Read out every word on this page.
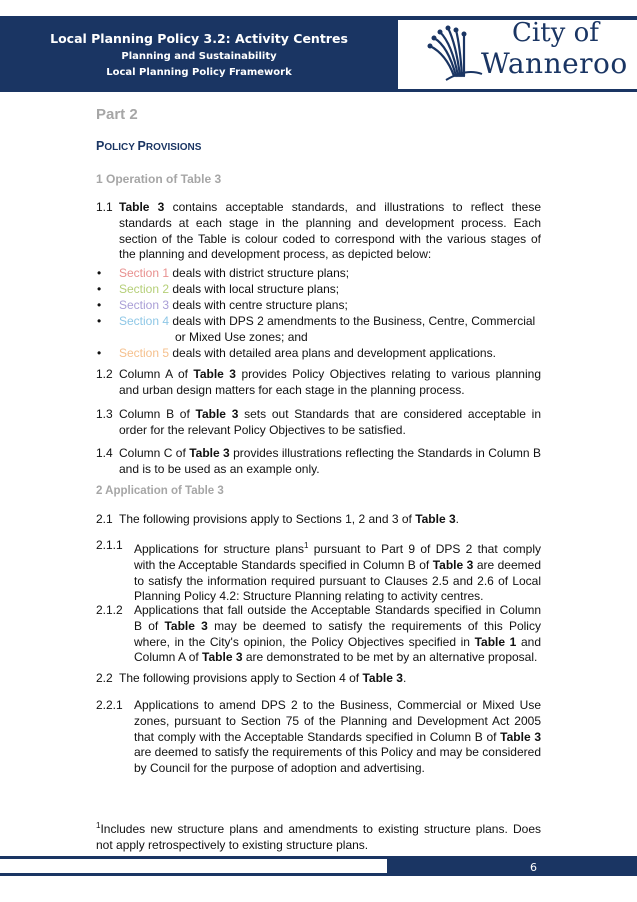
Local Planning Policy 3.2: Activity Centres
Planning and Sustainability
Local Planning Policy Framework
City of
Wanneroo
Part 2
POLICY PROVISIONS
1 Operation of Table 3
1.1 Table 3 contains acceptable standards, and illustrations to reflect these standards at each stage in the planning and development process. Each section of the Table is colour coded to correspond with the various stages of the planning and development process, as depicted below:
• Section 1 deals with district structure plans;
• Section 2 deals with local structure plans;
• Section 3 deals with centre structure plans;
• Section 4 deals with DPS 2 amendments to the Business, Centre, Commercial
or Mixed Use zones; and
• Section 5 deals with detailed area plans and development applications.
1.2 Column A of Table 3 provides Policy Objectives relating to various planning and urban design matters for each stage in the planning process.
1.3 Column B of Table 3 sets out Standards that are considered acceptable in order for the relevant Policy Objectives to be satisfied.
1.4 Column C of Table 3 provides illustrations reflecting the Standards in Column B and is to be used as an example only.
2 Application of Table 3
2.1 The following provisions apply to Sections 1, 2 and 3 of Table 3.
2.1.1 Applications for structure plans$^1$ pursuant to Part 9 of DPS 2 that comply with the Acceptable Standards specified in Column B of Table 3 are deemed to satisfy the information required pursuant to Clauses 2.5 and 2.6 of Local Planning Policy 4.2: Structure Planning relating to activity centres.
2.1.2 Applications that fall outside the Acceptable Standards specified in Column B of Table 3 may be deemed to satisfy the requirements of this Policy where, in the City's opinion, the Policy Objectives specified in Table 1 and Column A of Table 3 are demonstrated to be met by an alternative proposal.
2.2 The following provisions apply to Section 4 of Table 3.
2.2.1 Applications to amend DPS 2 to the Business, Commercial or Mixed Use zones, pursuant to Section 75 of the Planning and Development Act 2005 that comply with the Acceptable Standards specified in Column B of Table 3 are deemed to satisfy the requirements of this Policy and may be considered by Council for the purpose of adoption and advertising.
$^1$Includes new structure plans and amendments to existing structure plans. Does not apply retrospectively to existing structure plans.
6
